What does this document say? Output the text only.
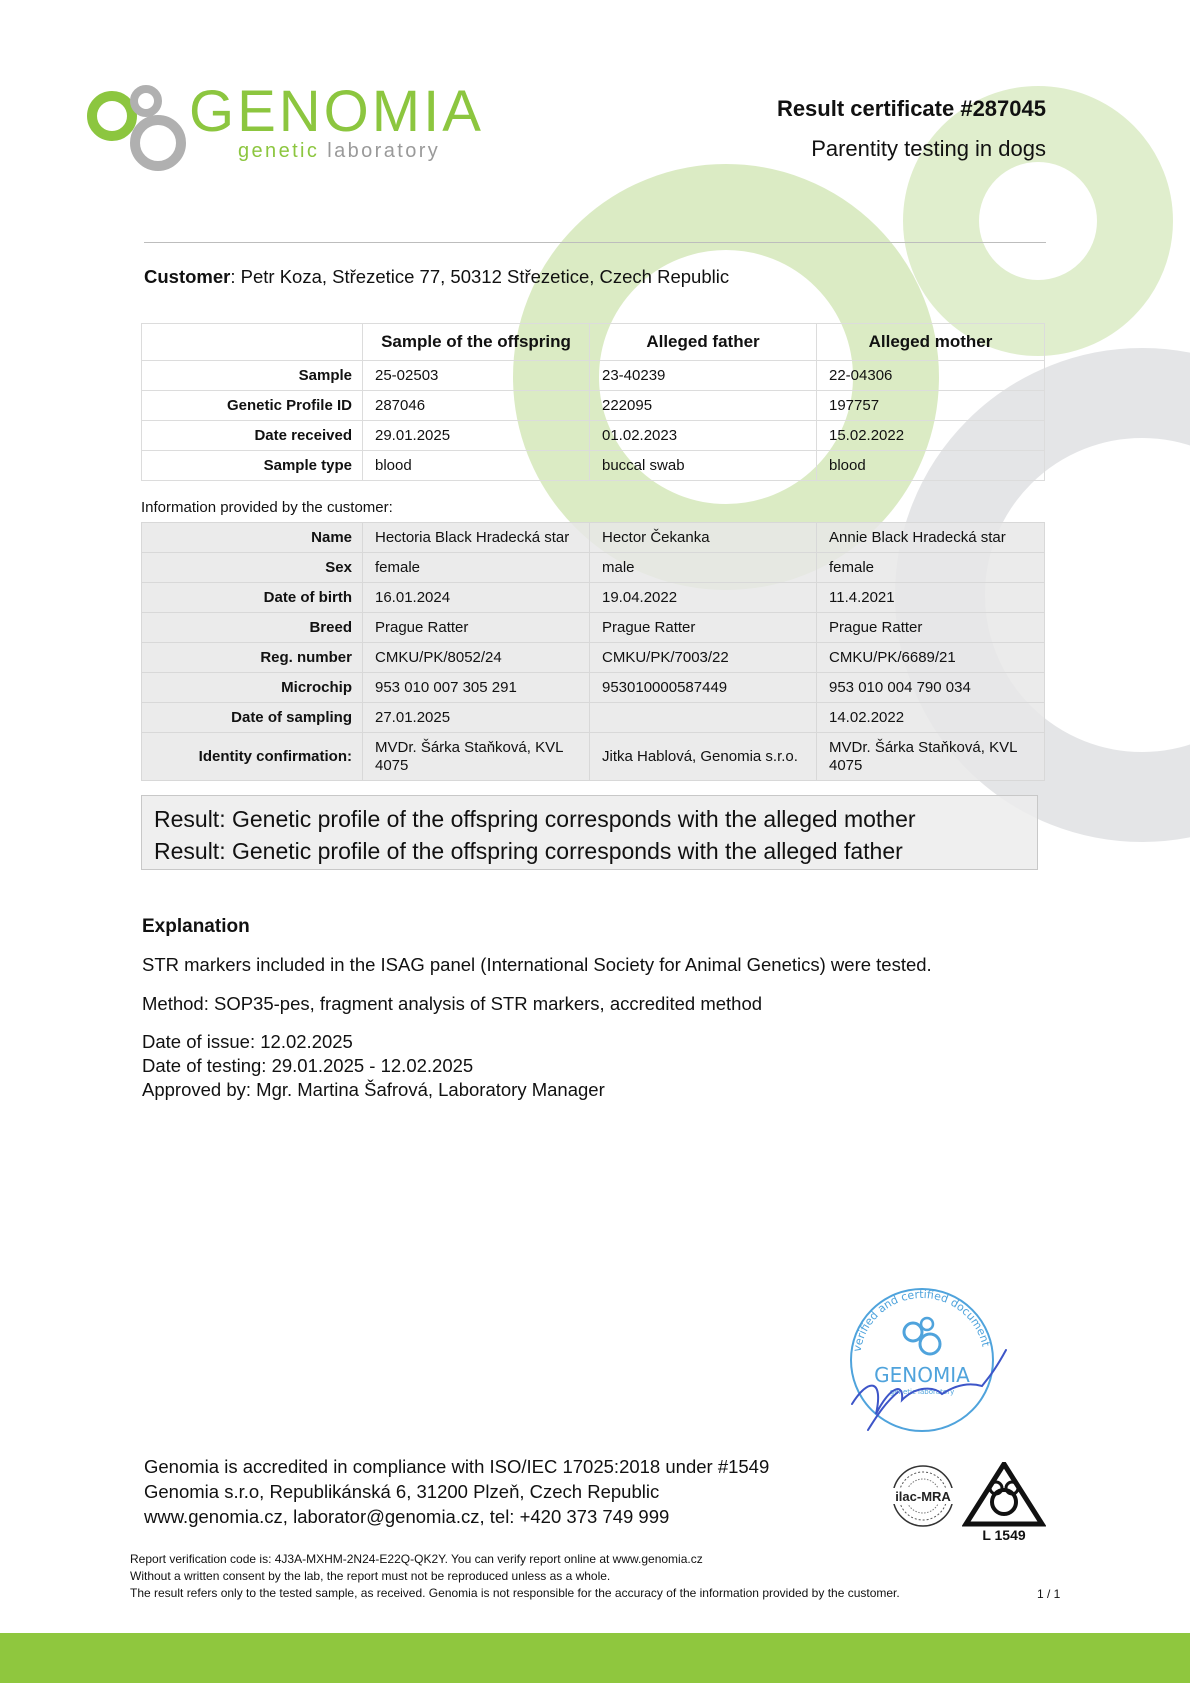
GENOMIA
genetic laboratory
Result certificate #287045
Parentity testing in dogs
Customer: Petr Koza, Střezetice 77, 50312 Střezetice, Czech Republic
	Sample of the offspring	Alleged father	Alleged mother
Sample	25-02503	23-40239	22-04306
Genetic Profile ID	287046	222095	197757
Date received	29.01.2025	01.02.2023	15.02.2022
Sample type	blood	buccal swab	blood
Information provided by the customer:
Name	Hectoria Black Hradecká star	Hector Čekanka	Annie Black Hradecká star
Sex	female	male	female
Date of birth	16.01.2024	19.04.2022	11.4.2021
Breed	Prague Ratter	Prague Ratter	Prague Ratter
Reg. number	CMKU/PK/8052/24	CMKU/PK/7003/22	CMKU/PK/6689/21
Microchip	953 010 007 305 291	953010000587449	953 010 004 790 034
Date of sampling	27.01.2025		14.02.2022
Identity confirmation:	MVDr. Šárka Staňková, KVL 4075	Jitka Hablová, Genomia s.r.o.	MVDr. Šárka Staňková, KVL 4075
Result: Genetic profile of the offspring corresponds with the alleged mother
Result: Genetic profile of the offspring corresponds with the alleged father
Explanation
STR markers included in the ISAG panel (International Society for Animal Genetics) were tested.
Method: SOP35-pes, fragment analysis of STR markers, accredited method
Date of issue: 12.02.2025
Date of testing: 29.01.2025 - 12.02.2025
Approved by: Mgr. Martina Šafrová, Laboratory Manager
verified and certified document
GENOMIA
genetic laboratory
Genomia is accredited in compliance with ISO/IEC 17025:2018 under #1549
Genomia s.r.o, Republikánská 6, 31200 Plzeň, Czech Republic
www.genomia.cz, laborator@genomia.cz, tel: +420 373 749 999
ilac-MRA
L 1549
Report verification code is: 4J3A-MXHM-2N24-E22Q-QK2Y. You can verify report online at www.genomia.cz
Without a written consent by the lab, the report must not be reproduced unless as a whole.
The result refers only to the tested sample, as received. Genomia is not responsible for the accuracy of the information provided by the customer.	1 / 1
